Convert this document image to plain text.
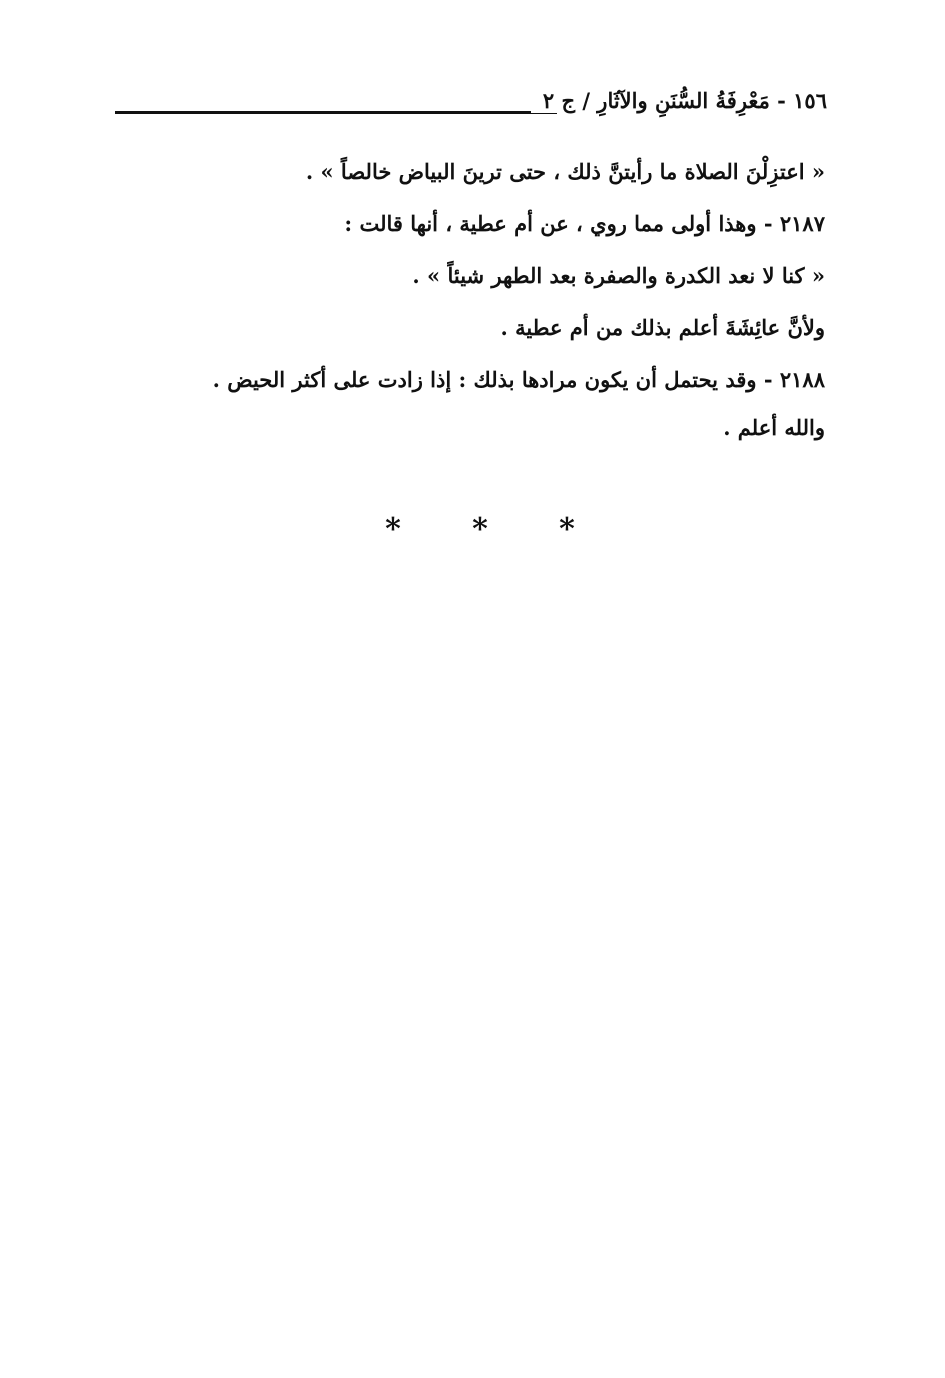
١٥٦ - مَعْرِفَةُ السُّنَنِ والآثَارِ / ج ٢
« اعتزِلْنَ الصلاة ما رأيتنَّ ذلك ، حتى ترينَ البياض خالصاً » .
٢١٨٧ - وهذا أولى مما روي ، عن أم عطية ، أنها قالت :
« كنا لا نعد الكدرة والصفرة بعد الطهر شيئاً » .
ولأنَّ عائِشَةَ أعلم بذلك من أم عطية .
٢١٨٨ - وقد يحتمل أن يكون مرادها بذلك : إذا زادت على أكثر الحيض .
والله أعلم .
* * *
